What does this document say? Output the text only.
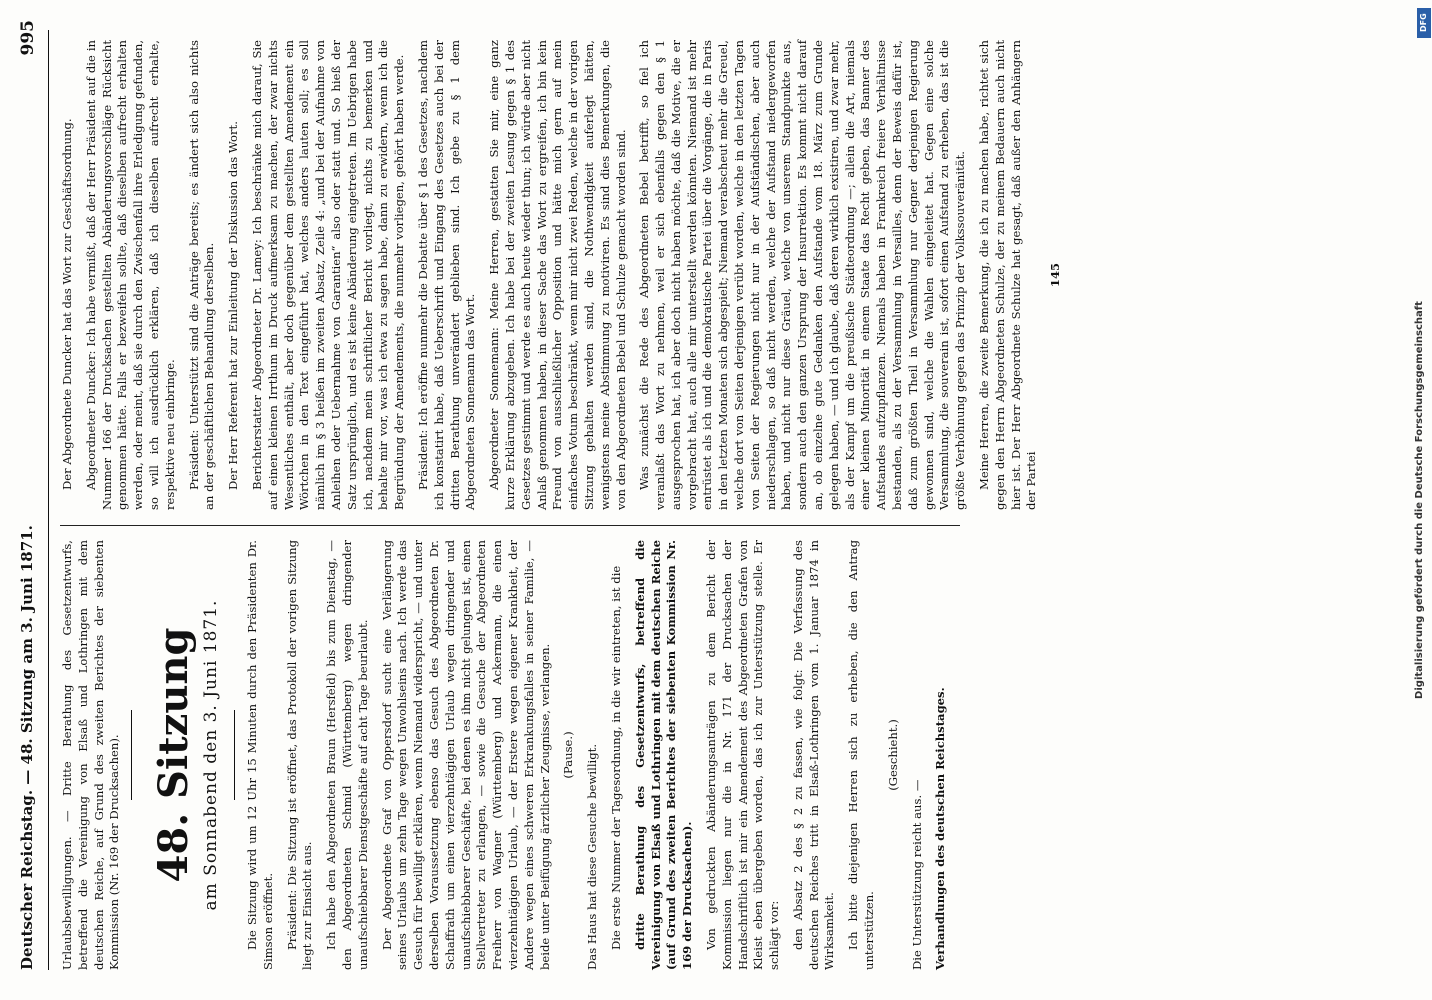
Deutscher Reichstag. — 48. Sitzung am 3. Juni 1871.
995

Urlaubsbewilligungen. — Dritte Berathung des Gesetzentwurfs, betreffend die Vereinigung von Elsaß und Lothringen mit dem deutschen Reiche, auf Grund des zweiten Berichtes der siebenten Kommission (Nr. 169 der Drucksachen). 48. Sitzung am Sonnabend den 3. Juni 1871. Die Sitzung wird um 12 Uhr 15 Minuten durch den Präsidenten Dr. Simson eröffnet. Präsident: Die Sitzung ist eröffnet, das Protokoll der vorigen Sitzung liegt zur Einsicht aus. Ich habe den Abgeordneten Braun (Hersfeld) bis zum Dienstag, — den Abgeordneten Schmid (Württemberg) wegen dringender unaufschiebbarer Dienstgeschäfte auf acht Tage beurlaubt. Der Abgeordnete Graf von Oppersdorf sucht eine Verlängerung seines Urlaubs um zehn Tage wegen Unwohlseins nach. Ich werde das Gesuch für bewilligt erklären, wenn Niemand widerspricht, — und unter derselben Voraussetzung ebenso das Gesuch des Abgeordneten Dr. Schaffrath um einen vierzehntägigen Urlaub wegen dringender und unaufschiebbarer Geschäfte, bei denen es ihm nicht gelungen ist, einen Stellvertreter zu erlangen, — sowie die Gesuche der Abgeordneten Freiherr von Wagner (Württemberg) und Ackermann, die einen vierzehntägigen Urlaub, — der Erstere wegen eigener Krankheit, der Andere wegen eines schweren Erkrankungsfalles in seiner Familie, — beide unter Beifügung ärztlicher Zeugnisse, verlangen. (Pause.) Das Haus hat diese Gesuche bewilligt. Die erste Nummer der Tagesordnung, in die wir eintreten, ist die dritte Berathung des Gesetzentwurfs, betreffend die Vereinigung von Elsaß und Lothringen mit dem deutschen Reiche (auf Grund des zweiten Berichtes der siebenten Kommission Nr. 169 der Drucksachen). Von gedruckten Abänderungsanträgen zu dem Bericht der Kommission liegen nur die in Nr. 171 der Drucksachen der Handschriftlich ist mir ein Amendement des Abgeordneten Grafen von Kleist eben übergeben worden, das ich zur Unterstützung stelle. Er schlägt vor: den Absatz 2 des § 2 zu fassen, wie folgt: Die Verfassung des deutschen Reiches tritt in Elsaß-Lothringen vom 1. Januar 1874 in Wirksamkeit. Ich bitte diejenigen Herren sich zu erheben, die den Antrag unterstützen.

(Geschieht.)

Die Unterstützung reicht aus. — Verhandlungen des deutschen Reichstages.

Der Abgeordnete Duncker hat das Wort zur Geschäftsordnung. Abgeordneter Duncker: Ich habe vermißt, daß der Herr Präsident auf die in Nummer 166 der Drucksachen gestellten Abänderungsvorschläge Rücksicht genommen hätte. Falls er bezweifeln sollte, daß dieselben aufrecht erhalten werden, oder meint, daß sie durch den Zwischenfall ihre Erledigung gefunden, so will ich ausdrücklich erklären, daß ich dieselben aufrecht erhalte, respektive neu einbringe. Präsident: Unterstützt sind die Anträge bereits; es ändert sich also nichts an der geschäftlichen Behandlung derselben. Der Herr Referent hat zur Einleitung der Diskussion das Wort. Berichterstatter Abgeordneter Dr. Lamey: Ich beschränke mich darauf, Sie auf einen kleinen Irrthum im Druck aufmerksam zu machen, der zwar nichts Wesentliches enthält, aber doch gegenüber dem gestellten Amendement ein Wörtchen in den Text eingeführt hat, welches anders lauten soll; es soll nämlich im § 3 heißen im zweiten Absatz, Zeile 4: „und bei der Aufnahme von Anleihen oder Uebernahme von Garantien“ also oder statt und. So hieß der Satz ursprünglich, und es ist keine Abänderung eingetreten. Im Uebrigen habe ich, nachdem mein schriftlicher Bericht vorliegt, nichts zu bemerken und behalte mir vor, was ich etwa zu sagen habe, dann zu erwidern, wenn ich die Begründung der Amendements, die nunmehr vorliegen, gehört haben werde. Präsident: Ich eröffne nunmehr die Debatte über § 1 des Gesetzes, nachdem ich konstatirt habe, daß Ueberschrift und Eingang des Gesetzes auch bei der dritten Berathung unverändert geblieben sind. Ich gebe zu § 1 dem Abgeordneten Sonnemann das Wort. Abgeordneter Sonnemann: Meine Herren, gestatten Sie mir, eine ganz kurze Erklärung abzugeben. Ich habe bei der zweiten Lesung gegen § 1 des Gesetzes gestimmt und werde es auch heute wieder thun; ich würde aber nicht Anlaß genommen haben, in dieser Sache das Wort zu ergreifen, ich bin kein Freund von ausschließlicher Opposition und hätte mich gern auf mein einfaches Votum beschränkt, wenn mir nicht zwei Reden, welche in der vorigen Sitzung gehalten werden sind, die Nothwendigkeit auferlegt hätten, wenigstens meine Abstimmung zu motiviren. Es sind dies Bemerkungen, die von den Abgeordneten Bebel und Schulze gemacht worden sind. Was zunächst die Rede des Abgeordneten Bebel betrifft, so fiel ich veranlaßt das Wort zu nehmen, weil er sich ebenfalls gegen den § 1 ausgesprochen hat, ich aber doch nicht haben möchte, daß die Motive, die er vorgebracht hat, auch alle mir unterstellt werden könnten. Niemand ist mehr entrüstet als ich und die demokratische Partei über die Vorgänge, die in Paris in den letzten Monaten sich abgespielt; Niemand verabscheut mehr die Greuel, welche dort von Seiten derjenigen verübt worden, welche in den letzten Tagen von Seiten der Regierungen nicht nur in der Aufständischen, aber auch niederschlagen, so daß nicht werden, welche der Aufstand niedergeworfen haben, und nicht nur diese Gräuel, welche von unserem Standpunkte aus, sondern auch den ganzen Ursprung der Insurrektion. Es kommt nicht darauf an, ob einzelne gute Gedanken den Aufstande vom 18. März zum Grunde gelegen haben, — und ich glaube, daß deren wirklich existiren, und zwar mehr, als der Kampf um die preußische Städteordnung —; allein die Art, niemals einer kleinen Minorität in einem Staate das Recht geben, das Banner des Aufstandes aufzupflanzen. Niemals haben in Frankreich freiere Verhältnisse bestanden, als zu der Versammlung in Versailles, denn der Beweis dafür ist, daß zum größten Theil in Versammlung nur Gegner derjenigen Regierung gewonnen sind, welche die Wahlen eingeleitet hat. Gegen eine solche Versammlung, die souverain ist, sofort einen Aufstand zu erheben, das ist die größte Verhöhnung gegen das Prinzip der Volkssouveränität. Meine Herren, die zweite Bemerkung, die ich zu machen habe, richtet sich gegen den Herrn Abgeordneten Schulze, der zu meinem Bedauern auch nicht hier ist. Der Herr Abgeordnete Schulze hat gesagt, daß außer den Anhängern der Partei

145

Digitalisierung gefördert durch die Deutsche Forschungsgemeinschaft
DFG
